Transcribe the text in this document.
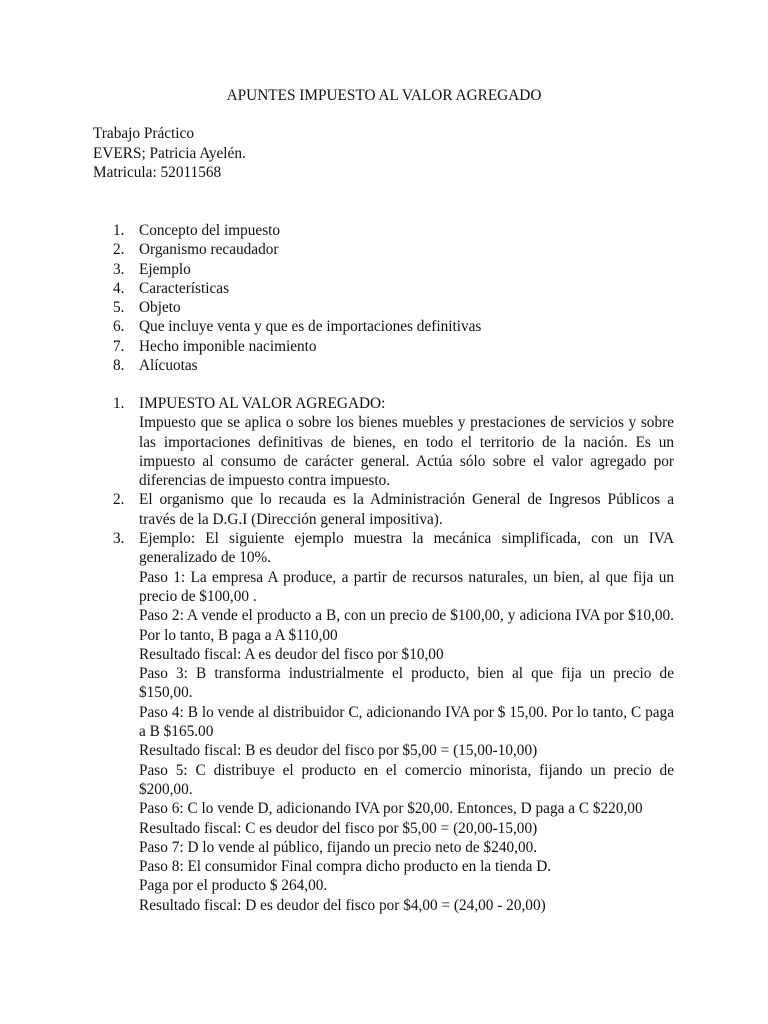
APUNTES IMPUESTO AL VALOR AGREGADO
Trabajo Práctico
EVERS; Patricia Ayelén.
Matricula: 52011568
1. Concepto del impuesto
2. Organismo recaudador
3. Ejemplo
4. Características
5. Objeto
6. Que incluye venta y que es de importaciones definitivas
7. Hecho imponible nacimiento
8. Alícuotas
1. IMPUESTO AL VALOR AGREGADO:

Impuesto que se aplica o sobre los bienes muebles y prestaciones de servicios y sobre las importaciones definitivas de bienes, en todo el territorio de la nación. Es un impuesto al consumo de carácter general. Actúa sólo sobre el valor agregado por diferencias de impuesto contra impuesto.

2. El organismo que lo recauda es la Administración General de Ingresos Públicos a través de la D.G.I (Dirección general impositiva).

3. Ejemplo: El siguiente ejemplo muestra la mecánica simplificada, con un IVA generalizado de 10%.

Paso 1: La empresa A produce, a partir de recursos naturales, un bien, al que fija un precio de $100,00 .

Paso 2: A vende el producto a B, con un precio de $100,00, y adiciona IVA por $10,00. Por lo tanto, B paga a A $110,00

Resultado fiscal: A es deudor del fisco por $10,00

Paso 3: B transforma industrialmente el producto, bien al que fija un precio de $150,00.

Paso 4: B lo vende al distribuidor C, adicionando IVA por $ 15,00. Por lo tanto, C paga a B $165.00

Resultado fiscal: B es deudor del fisco por $5,00 = (15,00-10,00)

Paso 5: C distribuye el producto en el comercio minorista, fijando un precio de $200,00.

Paso 6: C lo vende D, adicionando IVA por $20,00. Entonces, D paga a C $220,00

Resultado fiscal: C es deudor del fisco por $5,00 = (20,00-15,00)

Paso 7: D lo vende al público, fijando un precio neto de $240,00.

Paso 8: El consumidor Final compra dicho producto en la tienda D.

Paga por el producto $ 264,00.

Resultado fiscal: D es deudor del fisco por $4,00 = (24,00 - 20,00)
